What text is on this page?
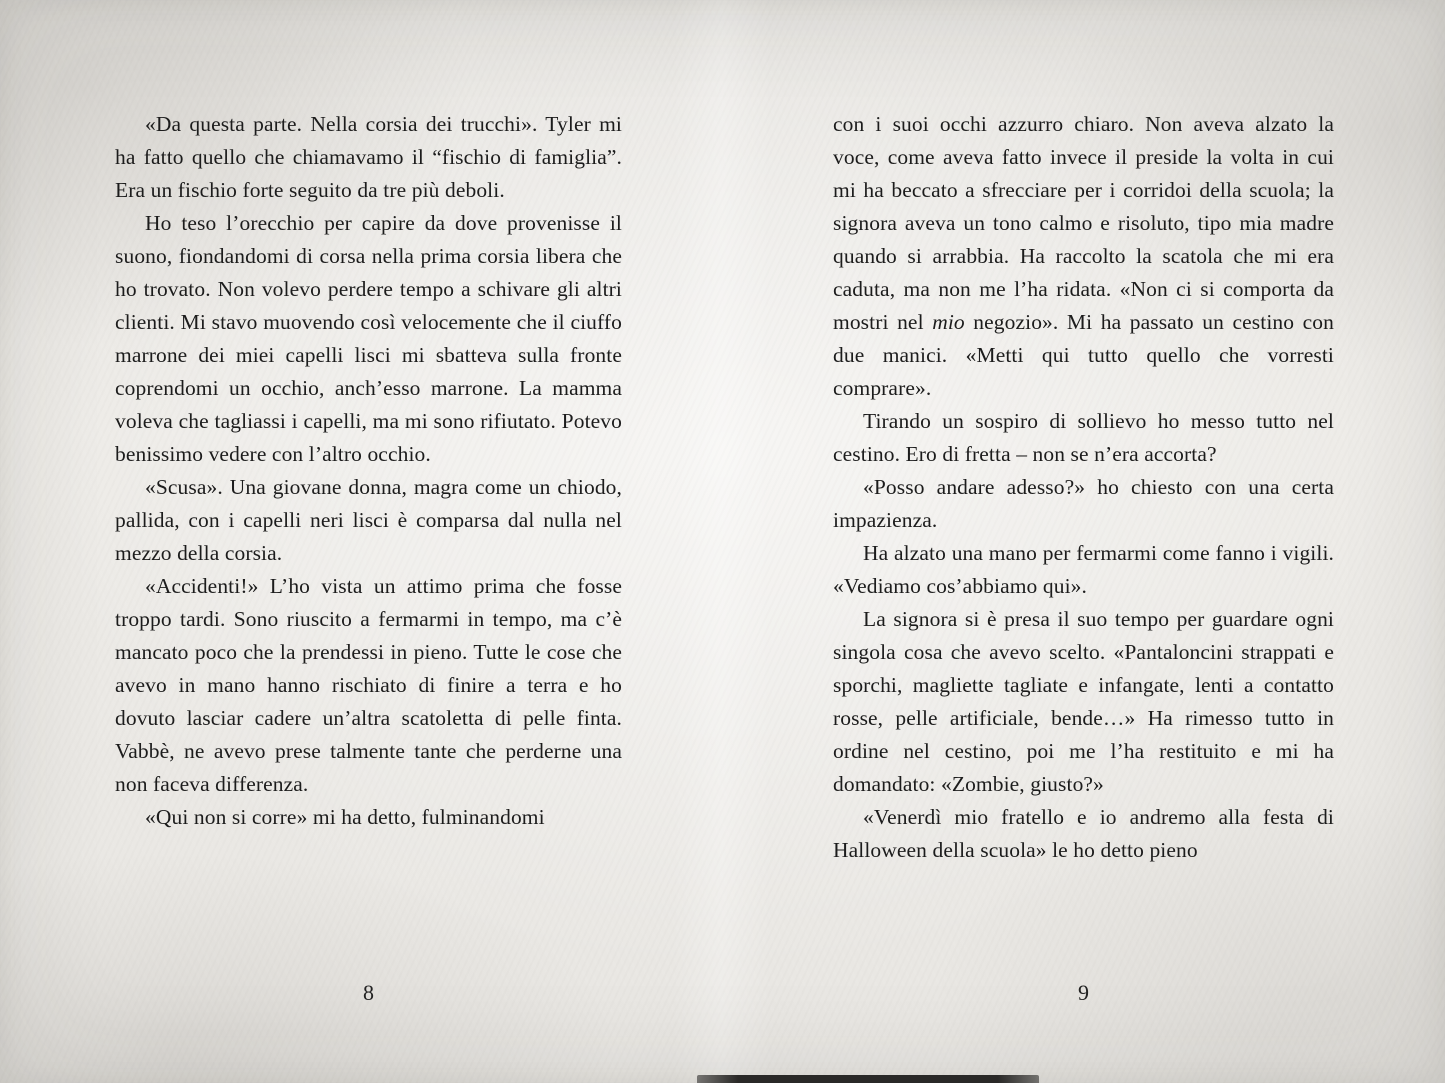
«Da questa parte. Nella corsia dei trucchi». Tyler mi ha fatto quello che chiamavamo il “fischio di famiglia”. Era un fischio forte seguito da tre più deboli.

Ho teso l’orecchio per capire da dove provenisse il suono, fiondandomi di corsa nella prima corsia libera che ho trovato. Non volevo perdere tempo a schivare gli altri clienti. Mi stavo muovendo così velocemente che il ciuffo marrone dei miei capelli lisci mi sbatteva sulla fronte coprendomi un occhio, anch’esso marrone. La mamma voleva che tagliassi i capelli, ma mi sono rifiutato. Potevo benissimo vedere con l’altro occhio.

«Scusa». Una giovane donna, magra come un chiodo, pallida, con i capelli neri lisci è comparsa dal nulla nel mezzo della corsia.

«Accidenti!» L’ho vista un attimo prima che fosse troppo tardi. Sono riuscito a fermarmi in tempo, ma c’è mancato poco che la prendessi in pieno. Tutte le cose che avevo in mano hanno rischiato di finire a terra e ho dovuto lasciar cadere un’altra scatoletta di pelle finta. Vabbè, ne avevo prese talmente tante che perderne una non faceva differenza.

«Qui non si corre» mi ha detto, fulminandomi

con i suoi occhi azzurro chiaro. Non aveva alzato la voce, come aveva fatto invece il preside la volta in cui mi ha beccato a sfrecciare per i corridoi della scuola; la signora aveva un tono calmo e risoluto, tipo mia madre quando si arrabbia. Ha raccolto la scatola che mi era caduta, ma non me l’ha ridata. «Non ci si comporta da mostri nel mio negozio». Mi ha passato un cestino con due manici. «Metti qui tutto quello che vorresti comprare».

Tirando un sospiro di sollievo ho messo tutto nel cestino. Ero di fretta – non se n’era accorta?

«Posso andare adesso?» ho chiesto con una certa impazienza.

Ha alzato una mano per fermarmi come fanno i vigili. «Vediamo cos’abbiamo qui».

La signora si è presa il suo tempo per guardare ogni singola cosa che avevo scelto. «Pantaloncini strappati e sporchi, magliette tagliate e infangate, lenti a contatto rosse, pelle artificiale, bende…» Ha rimesso tutto in ordine nel cestino, poi me l’ha restituito e mi ha domandato: «Zombie, giusto?»

«Venerdì mio fratello e io andremo alla festa di Halloween della scuola» le ho detto pieno

8	9
